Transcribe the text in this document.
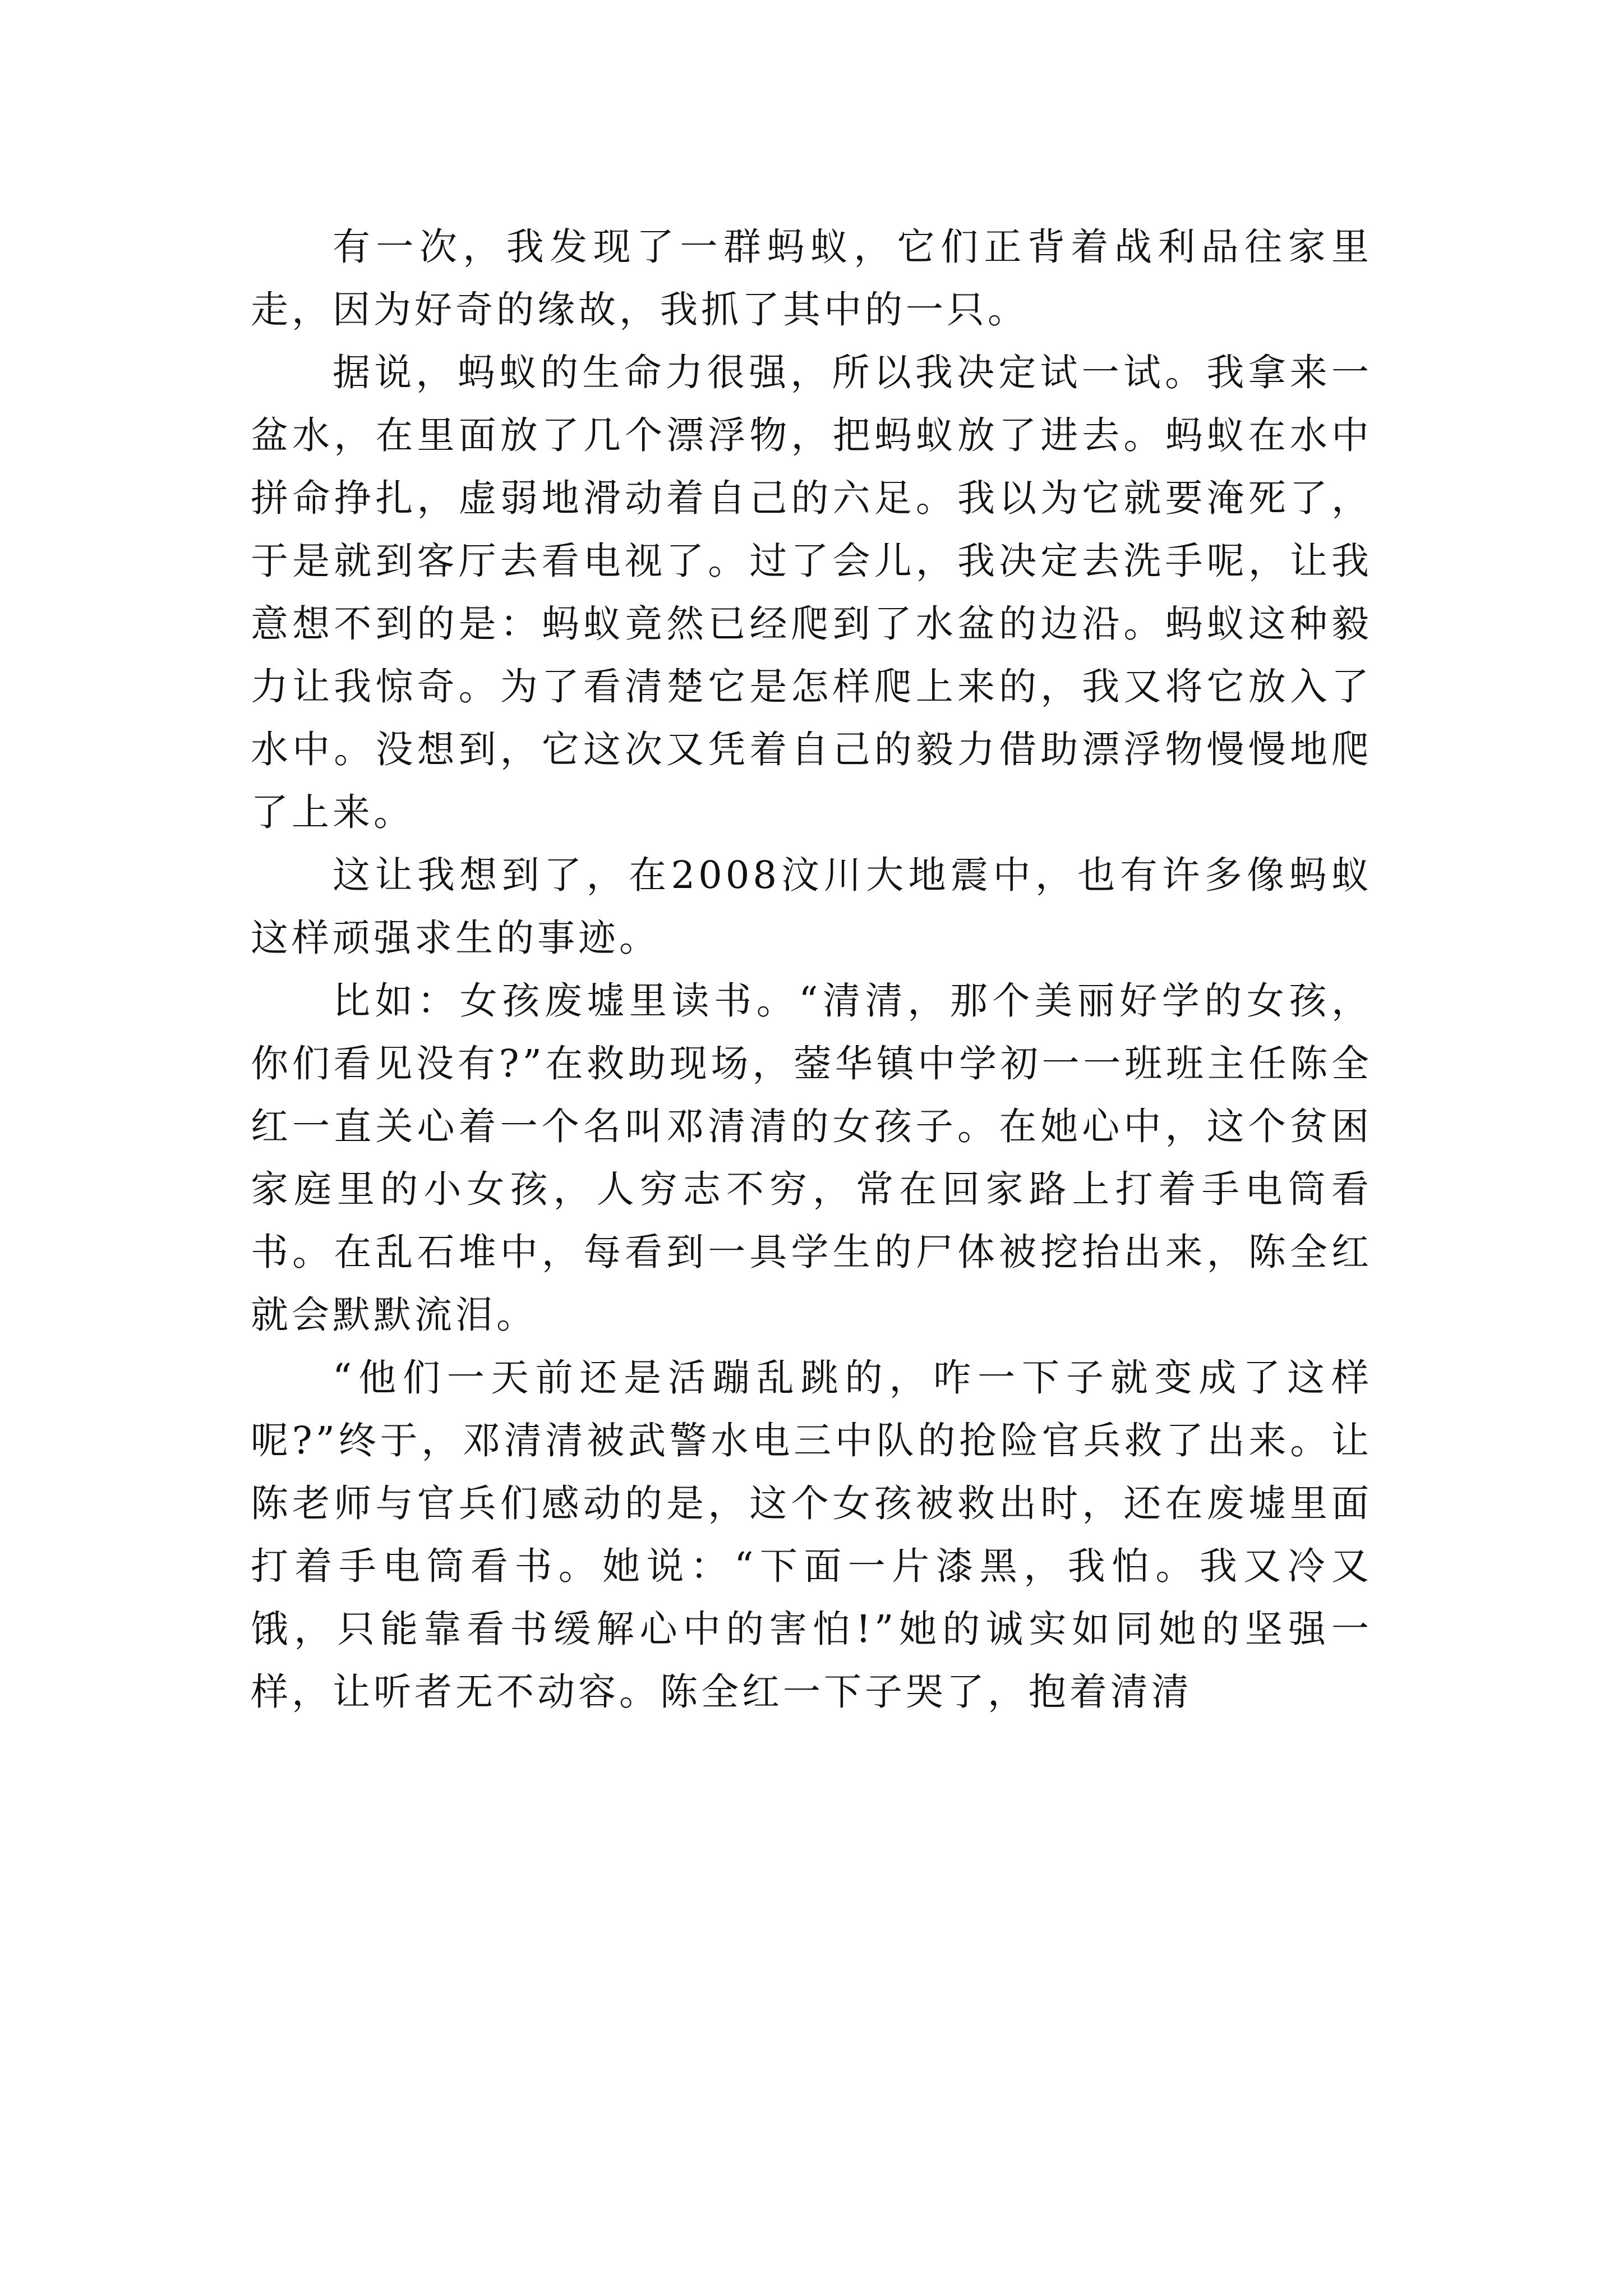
有一次，我发现了一群蚂蚁，它们正背着战利品往家里走，因为好奇的缘故，我抓了其中的一只。

据说，蚂蚁的生命力很强，所以我决定试一试。我拿来一盆水，在里面放了几个漂浮物，把蚂蚁放了进去。蚂蚁在水中拼命挣扎，虚弱地滑动着自己的六足。我以为它就要淹死了，于是就到客厅去看电视了。过了会儿，我决定去洗手呢，让我意想不到的是：蚂蚁竟然已经爬到了水盆的边沿。蚂蚁这种毅力让我惊奇。为了看清楚它是怎样爬上来的，我又将它放入了水中。没想到，它这次又凭着自己的毅力借助漂浮物慢慢地爬了上来。

这让我想到了，在2008汶川大地震中，也有许多像蚂蚁这样顽强求生的事迹。

比如：女孩废墟里读书。“清清，那个美丽好学的女孩，你们看见没有?”在救助现场，蓥华镇中学初一一班班主任陈全红一直关心着一个名叫邓清清的女孩子。在她心中，这个贫困家庭里的小女孩，人穷志不穷，常在回家路上打着手电筒看书。在乱石堆中，每看到一具学生的尸体被挖抬出来，陈全红就会默默流泪。

“他们一天前还是活蹦乱跳的，咋一下子就变成了这样呢?”终于，邓清清被武警水电三中队的抢险官兵救了出来。让陈老师与官兵们感动的是，这个女孩被救出时，还在废墟里面打着手电筒看书。她说：“下面一片漆黑，我怕。我又冷又饿，只能靠看书缓解心中的害怕!”她的诚实如同她的坚强一样，让听者无不动容。陈全红一下子哭了，抱着清清
